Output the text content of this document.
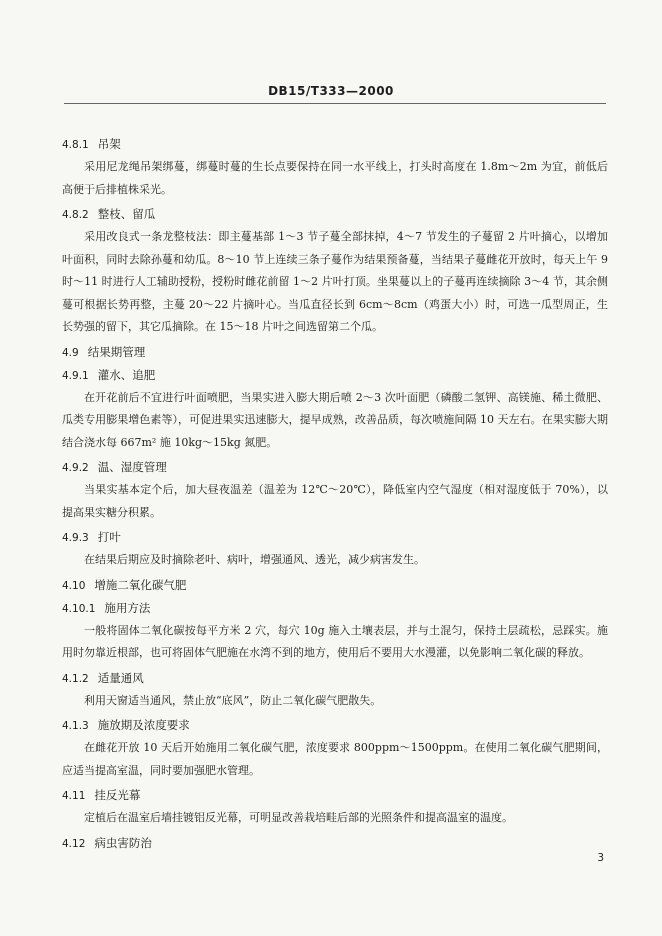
DB15/T333—2000
4.8.1 吊架

采用尼龙绳吊架绑蔓，绑蔓时蔓的生长点要保持在同一水平线上，打头时高度在 1.8m～2m 为宜，前低后高便于后排植株采光。

4.8.2 整枝、留瓜

采用改良式一条龙整枝法：即主蔓基部 1～3 节子蔓全部抹掉，4～7 节发生的子蔓留 2 片叶摘心，以增加叶面积，同时去除孙蔓和幼瓜。8～10 节上连续三条子蔓作为结果预备蔓，当结果子蔓雌花开放时，每天上午 9 时～11 时进行人工辅助授粉，授粉时雌花前留 1～2 片叶打顶。坐果蔓以上的子蔓再连续摘除 3～4 节，其余侧蔓可根据长势再整，主蔓 20～22 片摘叶心。当瓜直径长到 6cm～8cm（鸡蛋大小）时，可选一瓜型周正，生长势强的留下，其它瓜摘除。在 15～18 片叶之间选留第二个瓜。

4.9 结果期管理
4.9.1 灌水、追肥

在开花前后不宜进行叶面喷肥，当果实进入膨大期后喷 2～3 次叶面肥（磷酸二氢钾、高镁施、稀土微肥、瓜类专用膨果增色素等），可促进果实迅速膨大，提早成熟，改善品质，每次喷施间隔 10 天左右。在果实膨大期结合浇水每 667m² 施 10kg～15kg 氮肥。

4.9.2 温、湿度管理

当果实基本定个后，加大昼夜温差（温差为 12℃～20℃），降低室内空气湿度（相对湿度低于 70%），以提高果实糖分积累。

4.9.3 打叶

在结果后期应及时摘除老叶、病叶，增强通风、透光，减少病害发生。

4.10 增施二氧化碳气肥
4.10.1 施用方法

一般将固体二氧化碳按每平方米 2 穴，每穴 10g 施入土壤表层，并与土混匀，保持土层疏松，忌踩实。施用时勿靠近根部，也可将固体气肥施在水湾不到的地方，使用后不要用大水漫灌，以免影响二氧化碳的释放。

4.1.2 适量通风

利用天窗适当通风，禁止放“底风”，防止二氧化碳气肥散失。

4.1.3 施放期及浓度要求

在雌花开放 10 天后开始施用二氧化碳气肥，浓度要求 800ppm～1500ppm。在使用二氧化碳气肥期间，应适当提高室温，同时要加强肥水管理。

4.11 挂反光幕

定植后在温室后墙挂镀铝反光幕，可明显改善栽培畦后部的光照条件和提高温室的温度。

4.12 病虫害防治
3
